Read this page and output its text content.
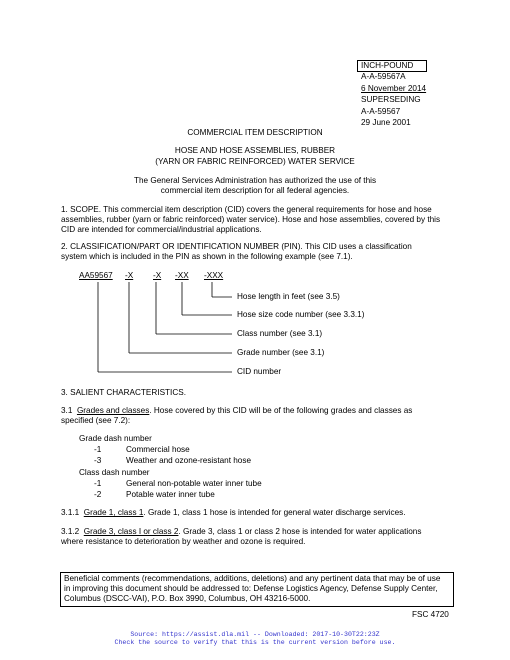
INCH-POUND
A-A-59567A
6 November 2014
SUPERSEDING
A-A-59567
29 June 2001
COMMERCIAL ITEM DESCRIPTION
HOSE AND HOSE ASSEMBLIES, RUBBER
(YARN OR FABRIC REINFORCED) WATER SERVICE
The General Services Administration has authorized the use of this
commercial item description for all federal agencies.
1. SCOPE. This commercial item description (CID) covers the general requirements for hose and hose
assemblies, rubber (yarn or fabric reinforced) water service). Hose and hose assemblies, covered by this
CID are intended for commercial/industrial applications.
2. CLASSIFICATION/PART OR IDENTIFICATION NUMBER (PIN). This CID uses a classification
system which is included in the PIN as shown in the following example (see 7.1).
AA59567 -X -X -XX -XXX
Hose length in feet (see 3.5)
Hose size code number (see 3.3.1)
Class number (see 3.1)
Grade number (see 3.1)
CID number
3. SALIENT CHARACTERISTICS.
3.1  Grades and classes. Hose covered by this CID will be of the following grades and classes as
specified (see 7.2):
Grade dash number
-1	Commercial hose
-3	Weather and ozone-resistant hose
Class dash number
-1	General non-potable water inner tube
-2	Potable water inner tube
3.1.1  Grade 1, class 1. Grade 1, class 1 hose is intended for general water discharge services.
3.1.2  Grade 3, class I or class 2. Grade 3, class 1 or class 2 hose is intended for water applications
where resistance to deterioration by weather and ozone is required.
Beneficial comments (recommendations, additions, deletions) and any pertinent data that may be of use
in improving this document should be addressed to: Defense Logistics Agency, Defense Supply Center,
Columbus (DSCC-VAI), P.O. Box 3990, Columbus, OH 43216-5000.
FSC 4720
Source: https://assist.dla.mil -- Downloaded: 2017-10-30T22:23Z
Check the source to verify that this is the current version before use.
